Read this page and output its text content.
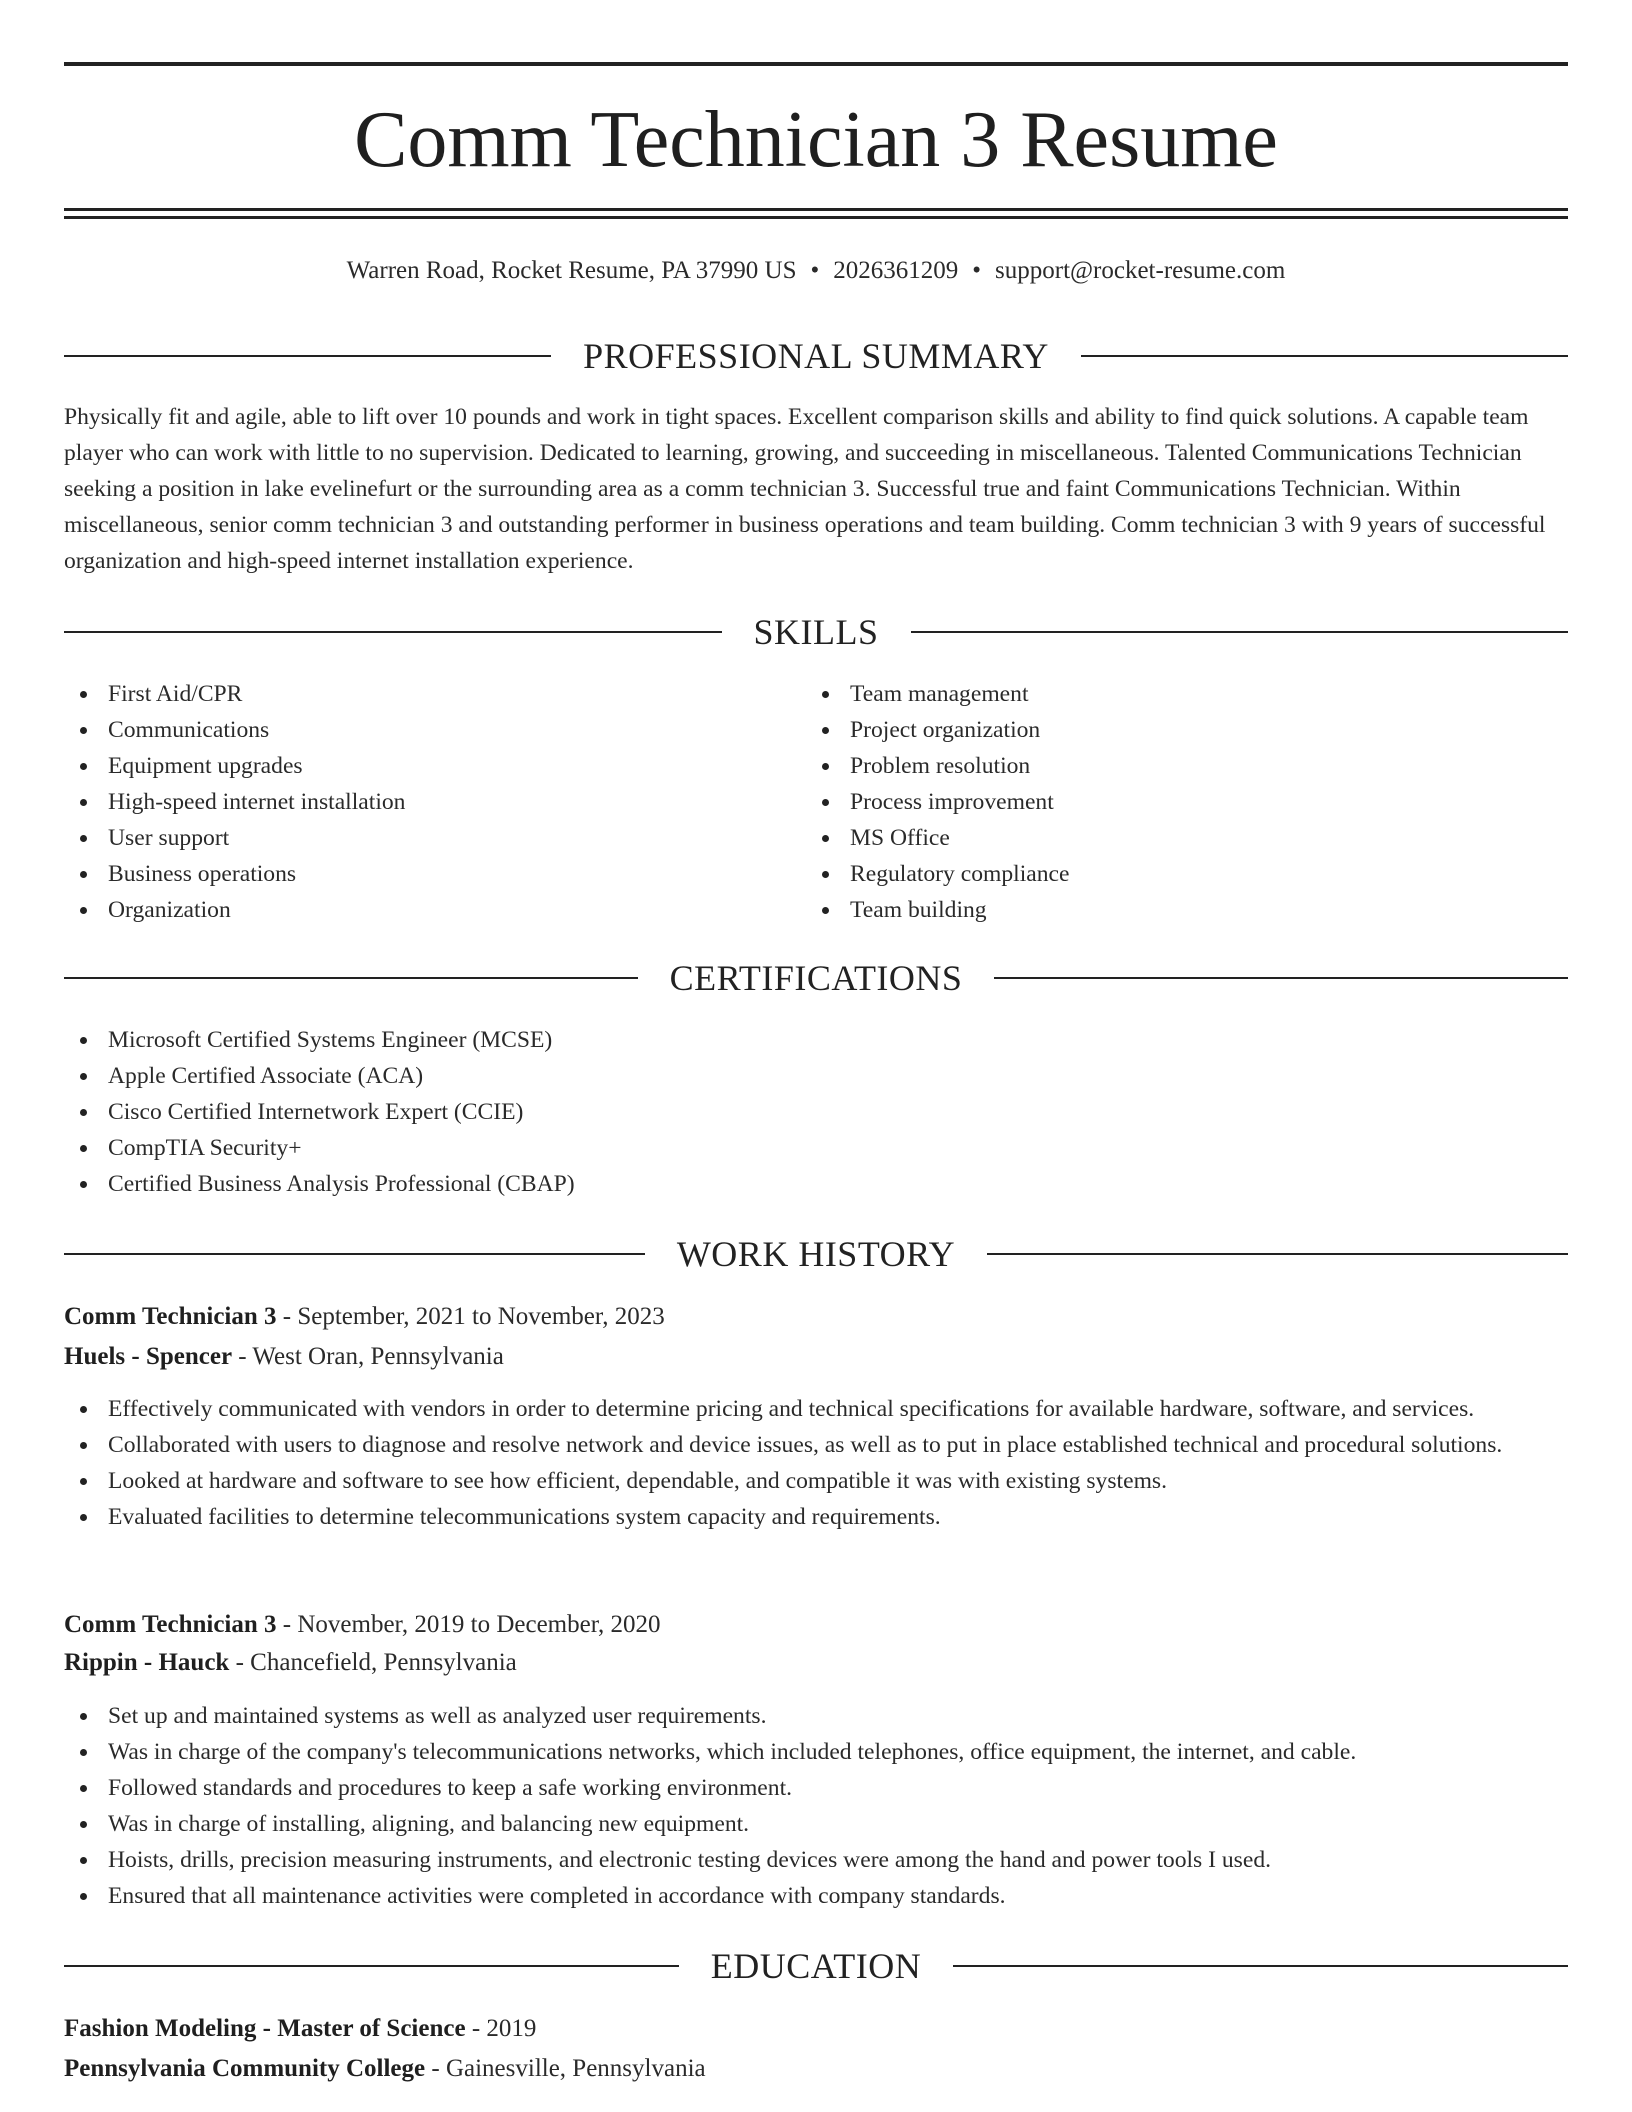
Comm Technician 3 Resume
Warren Road, Rocket Resume, PA 37990 US • 2026361209 • support@rocket-resume.com
PROFESSIONAL SUMMARY

Physically fit and agile, able to lift over 10 pounds and work in tight spaces. Excellent comparison skills and ability to find quick solutions. A capable team player who can work with little to no supervision. Dedicated to learning, growing, and succeeding in miscellaneous. Talented Communications Technician seeking a position in lake evelinefurt or the surrounding area as a comm technician 3. Successful true and faint Communications Technician. Within miscellaneous, senior comm technician 3 and outstanding performer in business operations and team building. Comm technician 3 with 9 years of successful organization and high-speed internet installation experience.

SKILLS
First Aid/CPR
Communications
Equipment upgrades
High-speed internet installation
User support
Business operations
Organization
Team management
Project organization
Problem resolution
Process improvement
MS Office
Regulatory compliance
Team building
CERTIFICATIONS
Microsoft Certified Systems Engineer (MCSE)
Apple Certified Associate (ACA)
Cisco Certified Internetwork Expert (CCIE)
CompTIA Security+
Certified Business Analysis Professional (CBAP)
WORK HISTORY
Comm Technician 3 - September, 2021 to November, 2023
Huels - Spencer - West Oran, Pennsylvania
Effectively communicated with vendors in order to determine pricing and technical specifications for available hardware, software, and services.
Collaborated with users to diagnose and resolve network and device issues, as well as to put in place established technical and procedural solutions.
Looked at hardware and software to see how efficient, dependable, and compatible it was with existing systems.
Evaluated facilities to determine telecommunications system capacity and requirements.
Comm Technician 3 - November, 2019 to December, 2020
Rippin - Hauck - Chancefield, Pennsylvania
Set up and maintained systems as well as analyzed user requirements.
Was in charge of the company's telecommunications networks, which included telephones, office equipment, the internet, and cable.
Followed standards and procedures to keep a safe working environment.
Was in charge of installing, aligning, and balancing new equipment.
Hoists, drills, precision measuring instruments, and electronic testing devices were among the hand and power tools I used.
Ensured that all maintenance activities were completed in accordance with company standards.
EDUCATION
Fashion Modeling - Master of Science - 2019
Pennsylvania Community College - Gainesville, Pennsylvania
